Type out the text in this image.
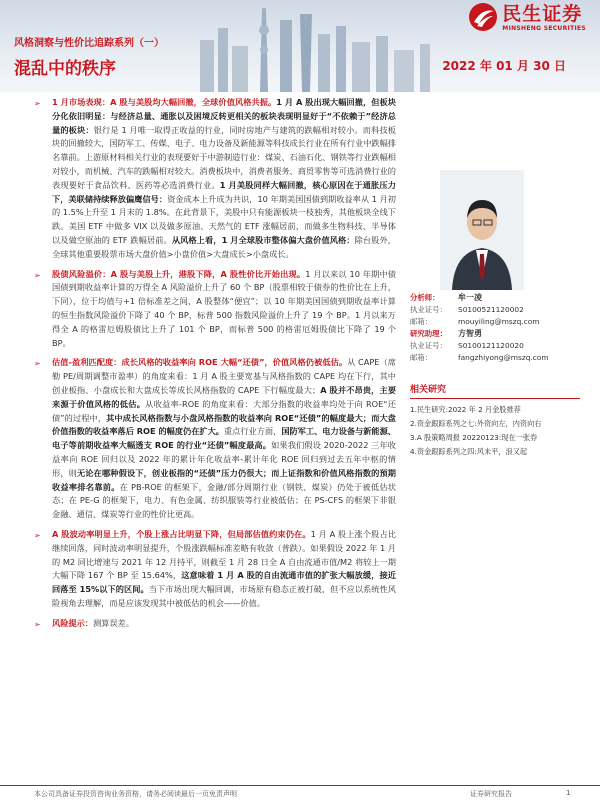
民生证券
MINSHENG SECURITIES
风格洞察与性价比追踪系列（一）
混乱中的秩序	2022 年 01 月 30 日

➢ 1 月市场表现：A 股与美股均大幅回撤，全球价值风格共振。1 月 A 股出现大幅回撤，但板块分化依旧明显：与经济总量、通胀以及困境反转更相关的板块表现明显好于“不依赖于”经济总量的板块：银行是 1 月唯一取得正收益的行业，同时房地产与建筑的跌幅相对较小。而科技板块的回撤较大，国防军工、传媒、电子、电力设备及新能源等科技成长行业在所有行业中跌幅排名靠前。上游原材料相关行业的表现要好于中游制造行业：煤炭、石油石化、钢铁等行业跌幅相对较小，而机械、汽车的跌幅相对较大。消费板块中，消费者服务、商贸零售等可选消费行业的表现要好于食品饮料、医药等必选消费行业。1 月美股同样大幅回撤，核心原因在于通胀压力下，美联储持续释放偏鹰信号：资金成本上升成为共识，10 年期美国国债到期收益率从 1 月初的 1.5%上升至 1 月末的 1.8%。在此背景下，美股中只有能源板块一枝独秀，其他板块全线下跌。美国 ETF 中做多 VIX 以及做多原油、天然气的 ETF 涨幅居前，而做多生物科技、半导体以及做空原油的 ETF 跌幅居前。从风格上看，1 月全球股市整体偏大盘价值风格：除台股外，全球其他重要股票市场大盘价值>小盘价值>大盘成长>小盘成长。

➢ 股债风险溢价：A 股与美股上升，港股下降，A 股性价比开始出现。1 月以来以 10 年期中债国债到期收益率计算的万得全 A 风险溢价上升了 60 个 BP（股票相较于债券的性价比在上升，下同），位于均值与+1 倍标准差之间，A 股整体“便宜”；以 10 年期美国国债到期收益率计算的恒生指数风险溢价下降了 40 个 BP，标普 500 指数风险溢价上升了 19 个 BP。1 月以来万得全 A 的格雷厄姆股债比上升了 101 个 BP，而标普 500 的格雷厄姆股债比下降了 19 个 BP。

➢ 估值-盈利匹配度：成长风格的收益率向 ROE 大幅“还债”，价值风格仍被低估。从 CAPE（席勒 PE/周期调整市盈率）的角度来看：1 月 A 股主要宽基与风格指数的 CAPE 均在下行，其中创业板指、小盘成长和大盘成长等成长风格指数的 CAPE 下行幅度最大；A 股并不昂贵，主要来源于价值风格的低估。从收益率-ROE 的角度来看：大部分指数的收益率均处于向 ROE“还债”的过程中，其中成长风格指数与小盘风格指数的收益率向 ROE“还债”的幅度最大；而大盘价值指数的收益率落后 ROE 的幅度仍在扩大。重点行业方面，国防军工、电力设备与新能源、电子等前期收益率大幅透支 ROE 的行业“还债”幅度最高。如果我们假设 2020-2022 三年收益率向 ROE 回归以及 2022 年的累计年化收益率-累计年化 ROE 回归到过去五年中枢的情形，则无论在哪种假设下，创业板指的“还债”压力仍很大；而上证指数和价值风格指数的预期收益率排名靠前。在 PB-ROE 的框架下，金融/部分周期行业（钢铁、煤炭）仍处于被低估状态；在 PE-G 的框架下，电力、有色金属、纺织服装等行业被低估；在 PS-CFS 的框架下非银金融、通信、煤炭等行业的性价比更高。

➢ A 股波动率明显上升，个股上涨占比明显下降，但局部估值约束仍在。1 月 A 股上涨个股占比继续回落，同时波动率明显提升，个股涨跌幅标准差略有收敛（普跌）。如果假设 2022 年 1 月的 M2 同比增速与 2021 年 12 月持平，则截至 1 月 28 日全 A 自由流通市值/M2 将较上一期大幅下降 167 个 BP 至 15.64%，这意味着 1 月 A 股的自由流通市值的扩张大幅放缓，接近回落至 15%以下的区间。当下市场出现大幅回调，市场原有稳态正被打破，但不应以系统性风险视角去理解，而是应该发现其中被低估的机会——价值。

➢ 风险提示：测算误差。

分析师：	牟一凌
执业证号：	S0100521120002
邮箱：	mouyiling@mszq.com
研究助理：	方智勇
执业证号：	S0100121120020
邮箱：	fangzhiyong@mszq.com
相关研究
1.民生研究:2022 年 2 月金股推荐
2.资金跟踪系列之七:外资向左，内资向右
3.A 股策略周报 20220123:现在一张券
4.资金跟踪系列之四:风未平，浪又起
本公司具备证券投资咨询业务资格，请务必阅读最后一页免责声明	证券研究报告	1
